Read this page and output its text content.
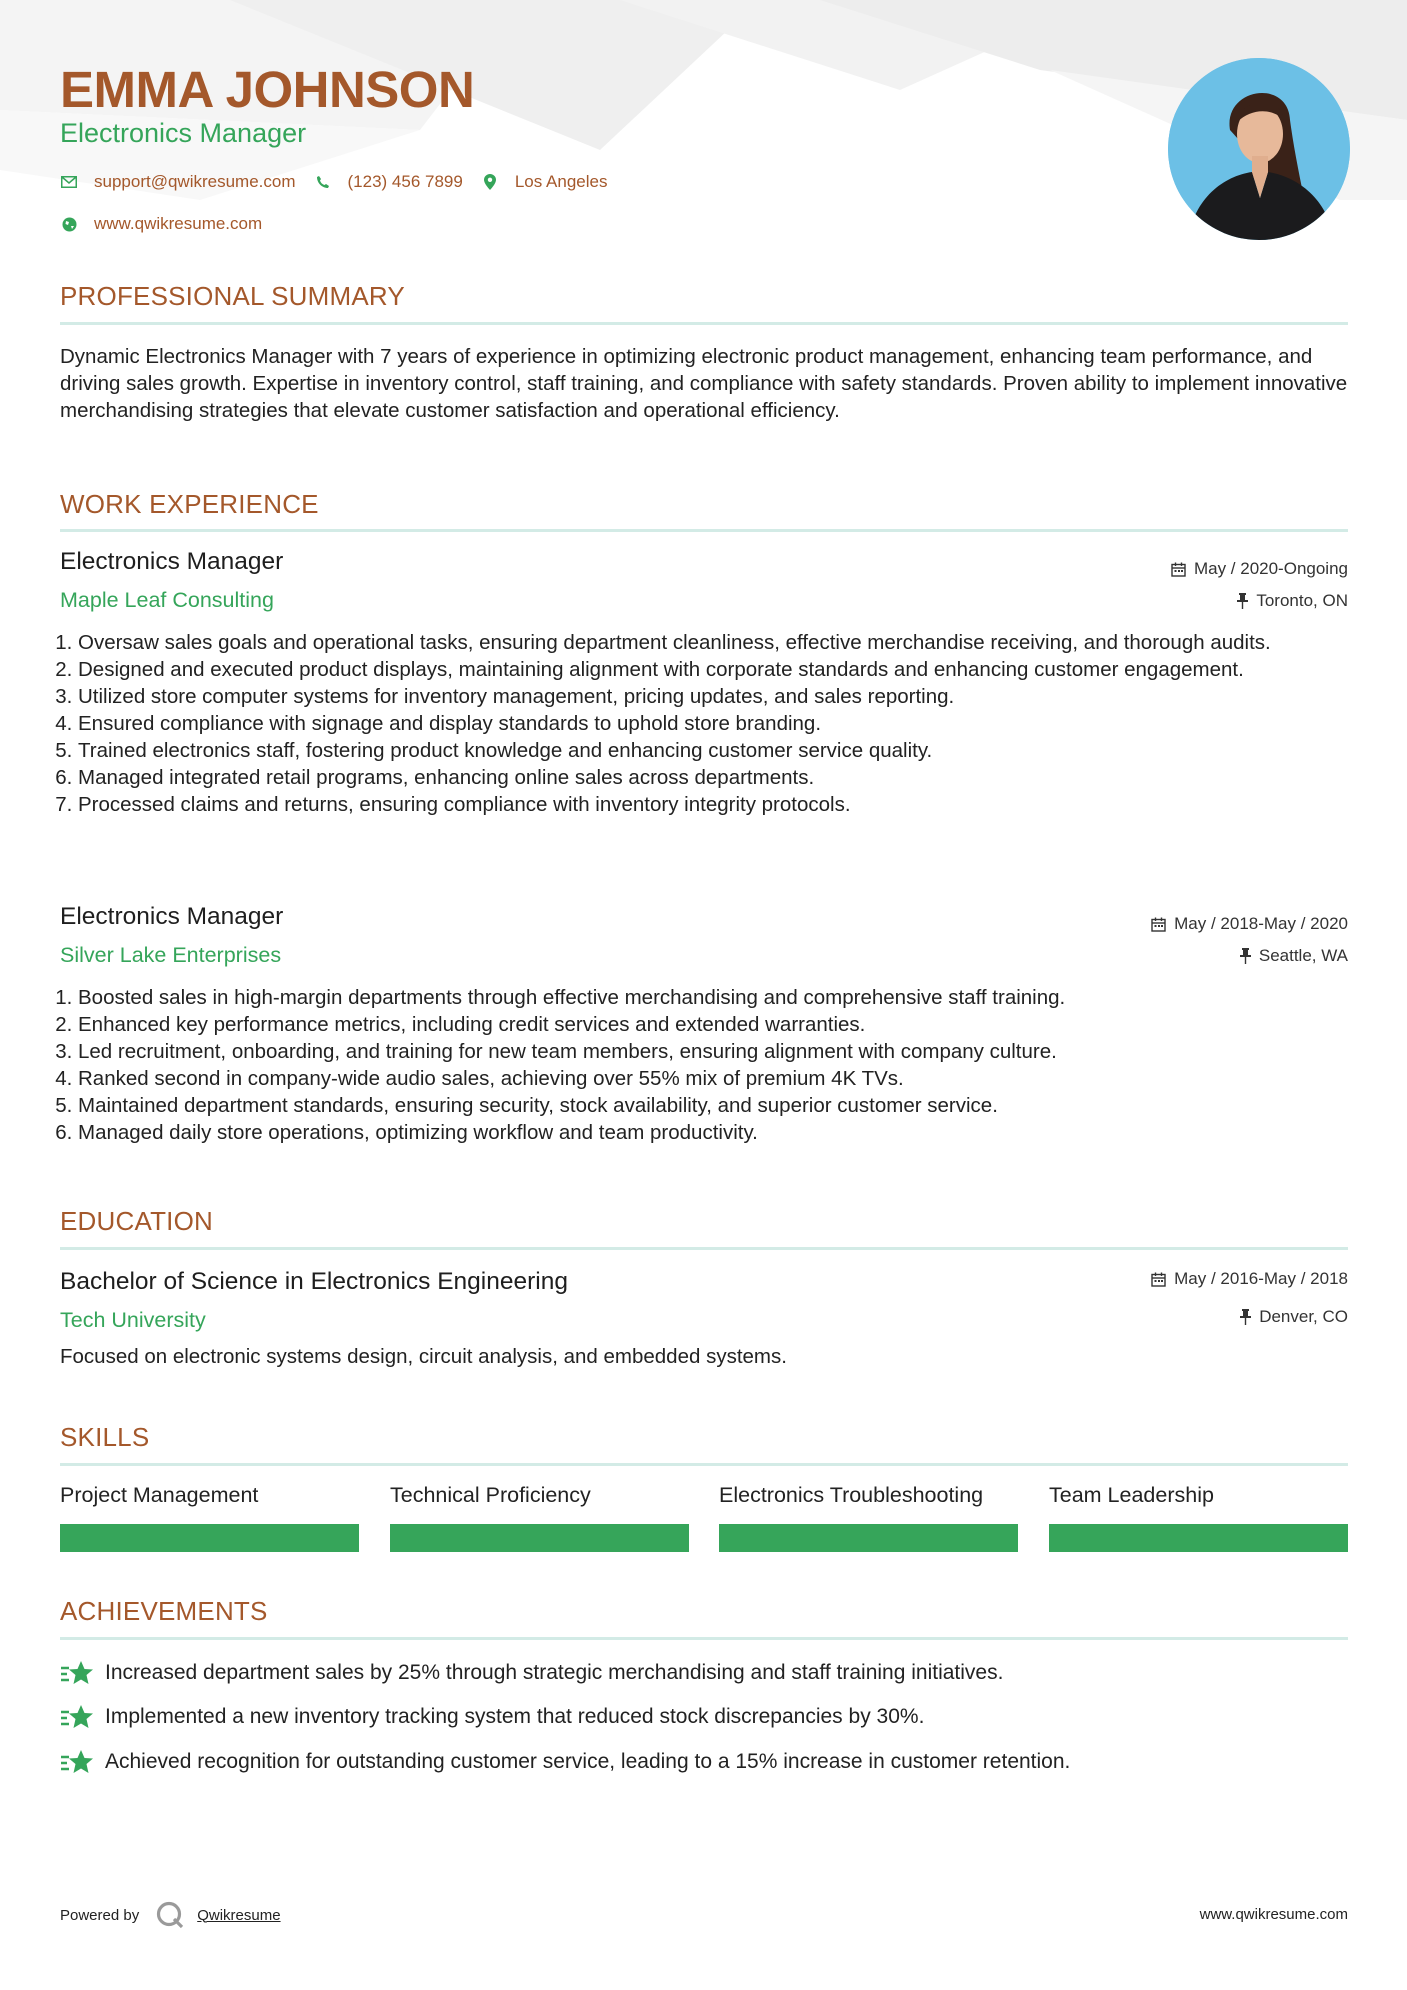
EMMA JOHNSON
Electronics Manager
support@qwikresume.com	(123) 456 7899	Los Angeles
www.qwikresume.com
PROFESSIONAL SUMMARY
Dynamic Electronics Manager with 7 years of experience in optimizing electronic product management, enhancing team performance, and driving sales growth. Expertise in inventory control, staff training, and compliance with safety standards. Proven ability to implement innovative merchandising strategies that elevate customer satisfaction and operational efficiency.
WORK EXPERIENCE
Electronics Manager
Maple Leaf Consulting
May / 2020-Ongoing
Toronto, ON
1. Oversaw sales goals and operational tasks, ensuring department cleanliness, effective merchandise receiving, and thorough audits.
2. Designed and executed product displays, maintaining alignment with corporate standards and enhancing customer engagement.
3. Utilized store computer systems for inventory management, pricing updates, and sales reporting.
4. Ensured compliance with signage and display standards to uphold store branding.
5. Trained electronics staff, fostering product knowledge and enhancing customer service quality.
6. Managed integrated retail programs, enhancing online sales across departments.
7. Processed claims and returns, ensuring compliance with inventory integrity protocols.
Electronics Manager
Silver Lake Enterprises
May / 2018-May / 2020
Seattle, WA
1. Boosted sales in high-margin departments through effective merchandising and comprehensive staff training.
2. Enhanced key performance metrics, including credit services and extended warranties.
3. Led recruitment, onboarding, and training for new team members, ensuring alignment with company culture.
4. Ranked second in company-wide audio sales, achieving over 55% mix of premium 4K TVs.
5. Maintained department standards, ensuring security, stock availability, and superior customer service.
6. Managed daily store operations, optimizing workflow and team productivity.
EDUCATION
Bachelor of Science in Electronics Engineering
Tech University
May / 2016-May / 2018
Denver, CO
Focused on electronic systems design, circuit analysis, and embedded systems.
SKILLS
Project Management	Technical Proficiency	Electronics Troubleshooting	Team Leadership
ACHIEVEMENTS
Increased department sales by 25% through strategic merchandising and staff training initiatives.
Implemented a new inventory tracking system that reduced stock discrepancies by 30%.
Achieved recognition for outstanding customer service, leading to a 15% increase in customer retention.
Powered by	Qwikresume	www.qwikresume.com
